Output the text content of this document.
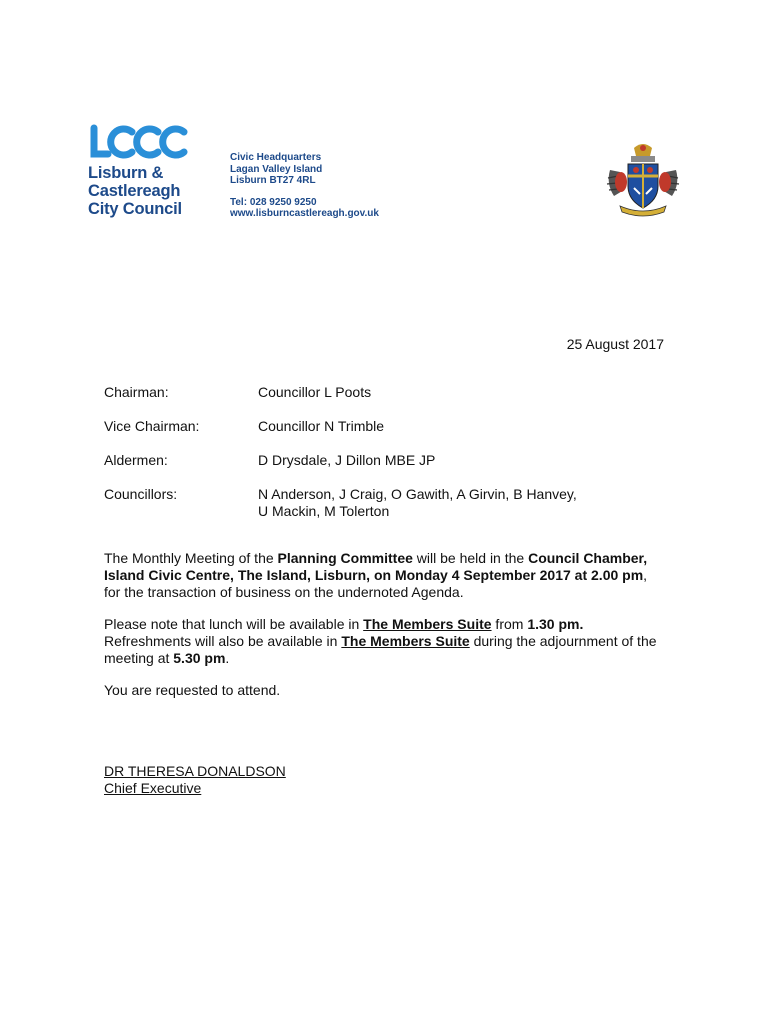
Lisburn &
Castlereagh
City Council
Civic Headquarters
Lagan Valley Island
Lisburn BT27 4RL
Tel: 028 9250 9250
www.lisburncastlereagh.gov.uk
25 August 2017
Chairman:	Councillor L Poots
Vice Chairman:	Councillor N Trimble
Aldermen:	D Drysdale, J Dillon MBE JP
Councillors:	N Anderson, J Craig, O Gawith, A Girvin, B Hanvey,
U Mackin, M Tolerton
The Monthly Meeting of the Planning Committee will be held in the Council Chamber, Island Civic Centre, The Island, Lisburn, on Monday 4 September 2017 at 2.00 pm, for the transaction of business on the undernoted Agenda.
Please note that lunch will be available in The Members Suite from 1.30 pm. Refreshments will also be available in The Members Suite during the adjournment of the meeting at 5.30 pm.
You are requested to attend.
DR THERESA DONALDSON
Chief Executive
